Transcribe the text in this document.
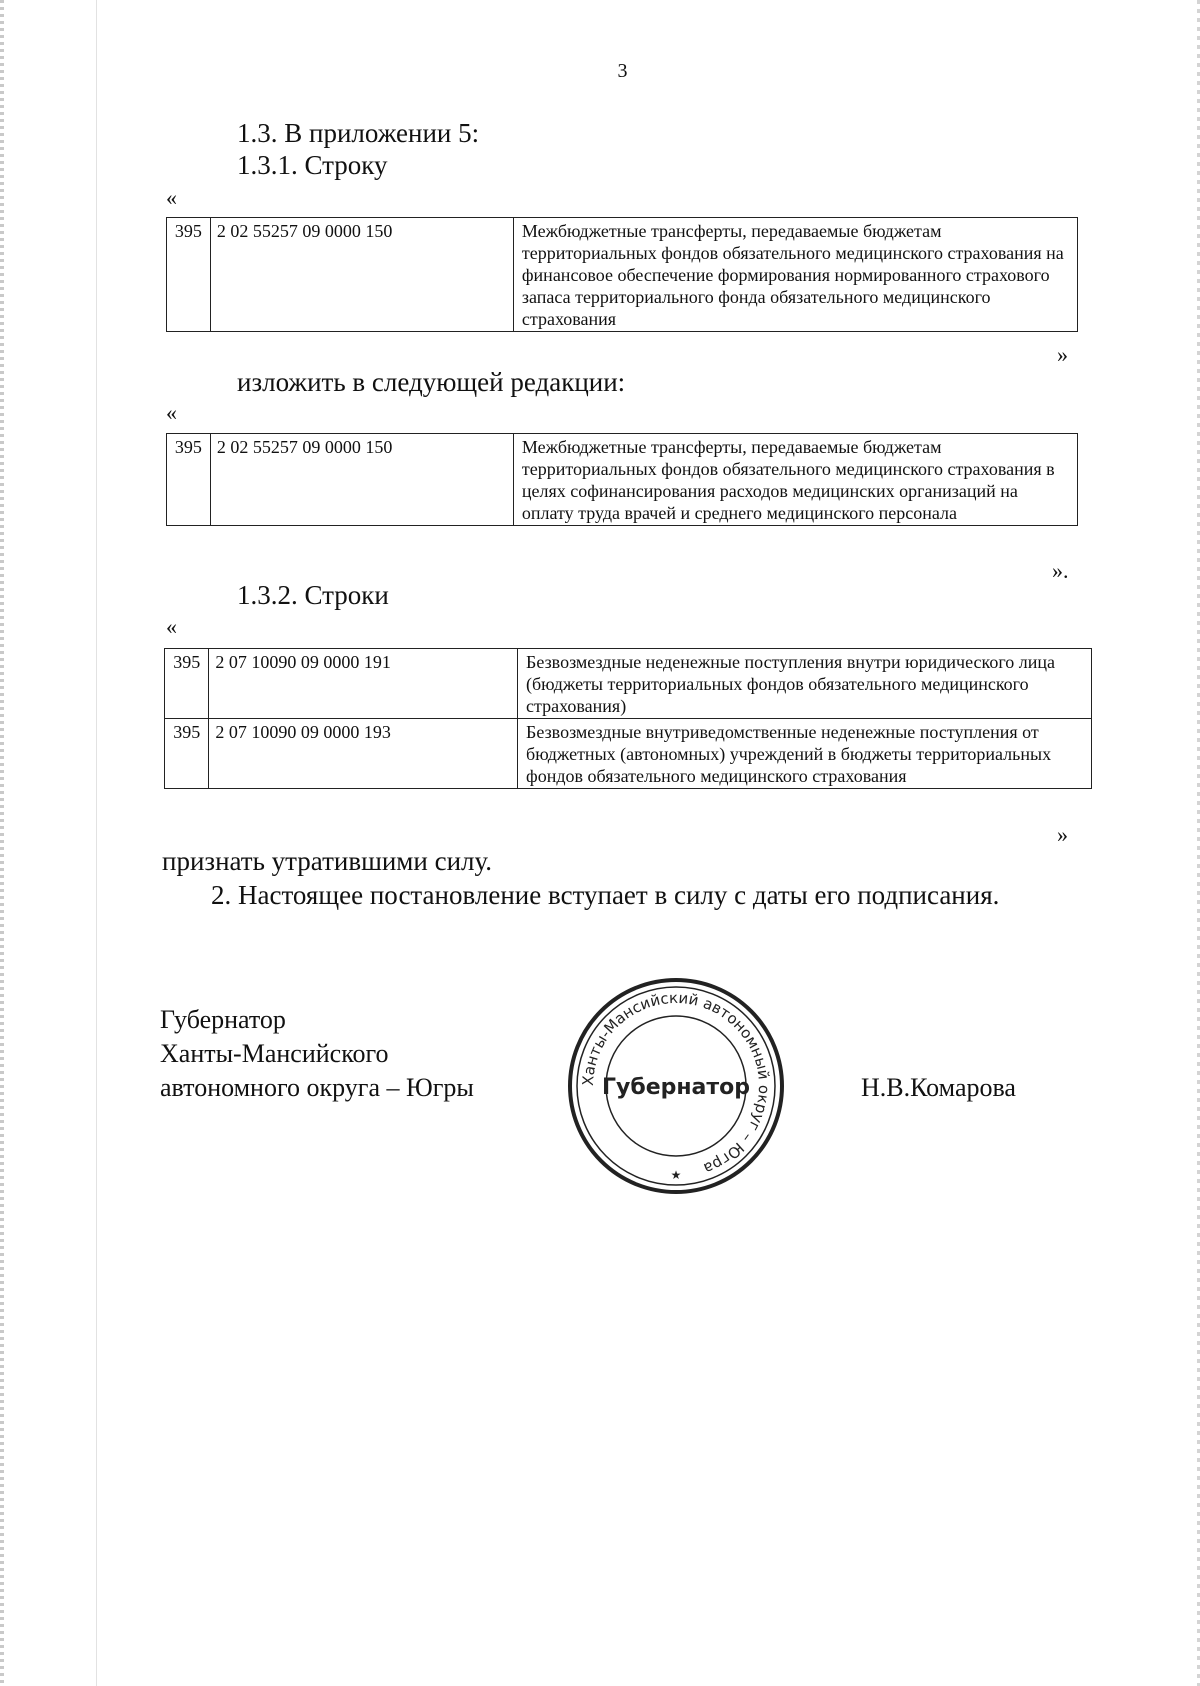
3
1.3. В приложении 5:
1.3.1. Строку
«
395	2 02 55257 09 0000 150	Межбюджетные трансферты, передаваемые бюджетам территориальных фондов обязательного медицинского страхования на финансовое обеспечение формирования нормированного страхового запаса территориального фонда обязательного медицинского страхования
»
изложить в следующей редакции:
«
395	2 02 55257 09 0000 150	Межбюджетные трансферты, передаваемые бюджетам территориальных фондов обязательного медицинского страхования в целях софинансирования расходов медицинских организаций на оплату труда врачей и среднего медицинского персонала
».
1.3.2. Строки
«
395	2 07 10090 09 0000 191	Безвозмездные неденежные поступления внутри юридического лица (бюджеты территориальных фондов обязательного медицинского страхования)
395	2 07 10090 09 0000 193	Безвозмездные внутриведомственные неденежные поступления от бюджетных (автономных) учреждений в бюджеты территориальных фондов обязательного медицинского страхования
»
признать утратившими силу.
2. Настоящее постановление вступает в силу с даты его подписания.
Губернатор
Ханты-Мансийского
автономного округа – Югры	Ханты-Мансийский автономный округ – Югра
Губернатор
★
Н.В.Комарова
